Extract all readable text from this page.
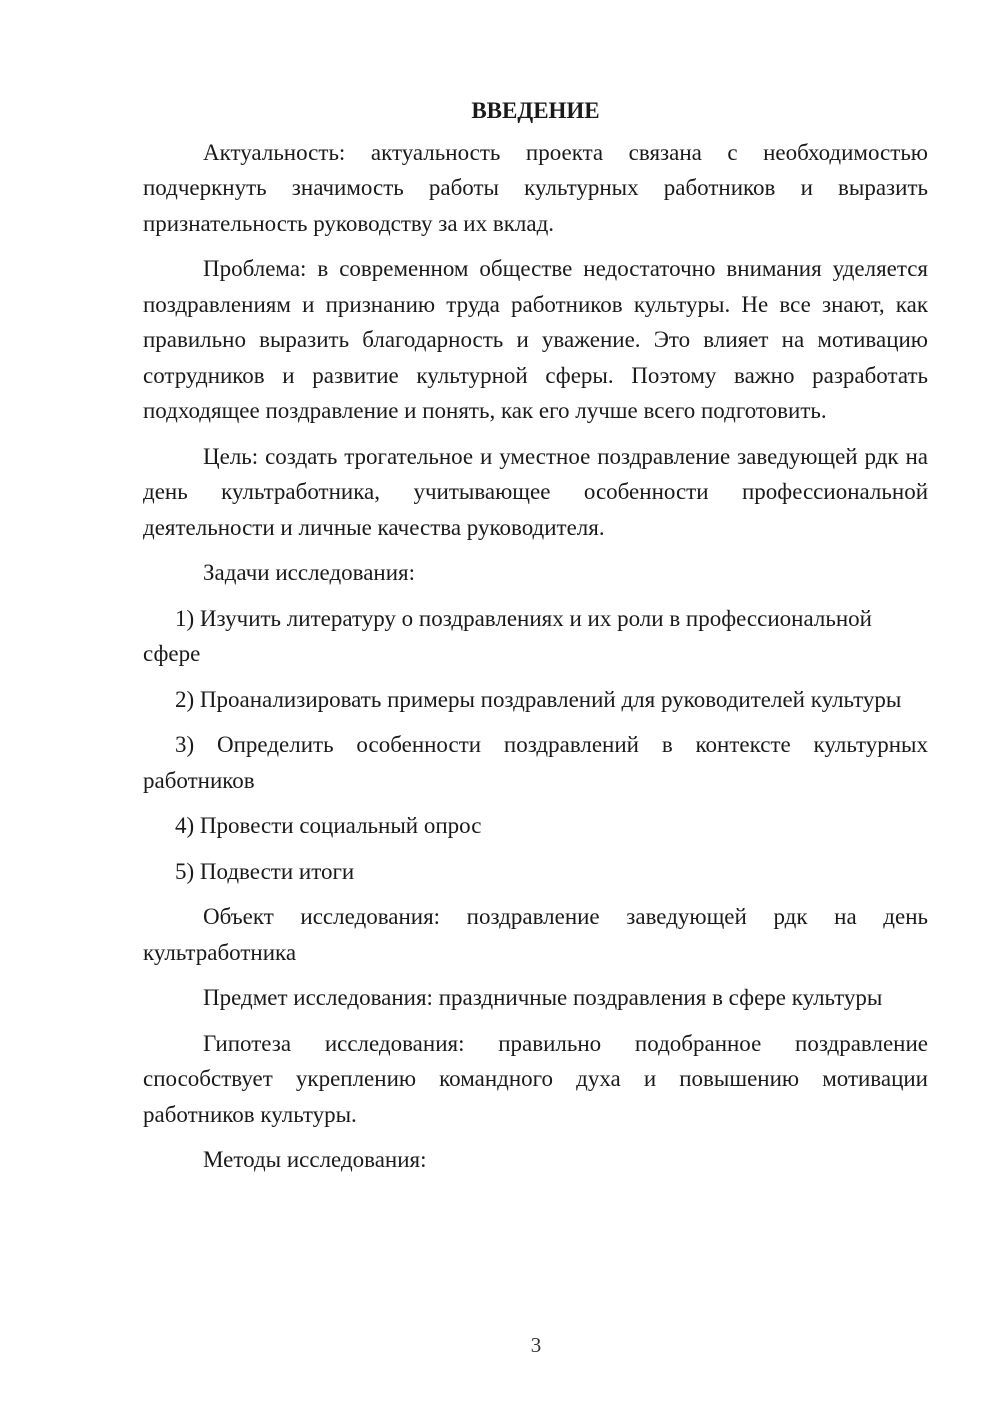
ВВЕДЕНИЕ

Актуальность: актуальность проекта связана с необходимостью подчеркнуть значимость работы культурных работников и выразить признательность руководству за их вклад.

Проблема: в современном обществе недостаточно внимания уделяется поздравлениям и признанию труда работников культуры. Не все знают, как правильно выразить благодарность и уважение. Это влияет на мотивацию сотрудников и развитие культурной сферы. Поэтому важно разработать подходящее поздравление и понять, как его лучше всего подготовить.

Цель: создать трогательное и уместное поздравление заведующей рдк на день культработника, учитывающее особенности профессиональной деятельности и личные качества руководителя.

Задачи исследования:

1) Изучить литературу о поздравлениях и их роли в профессиональной сфере

2) Проанализировать примеры поздравлений для руководителей культуры

3) Определить особенности поздравлений в контексте культурных работников

4) Провести социальный опрос

5) Подвести итоги

Объект исследования: поздравление заведующей рдк на день культработника

Предмет исследования: праздничные поздравления в сфере культуры

Гипотеза исследования: правильно подобранное поздравление способствует укреплению командного духа и повышению мотивации работников культуры.

Методы исследования:

3
